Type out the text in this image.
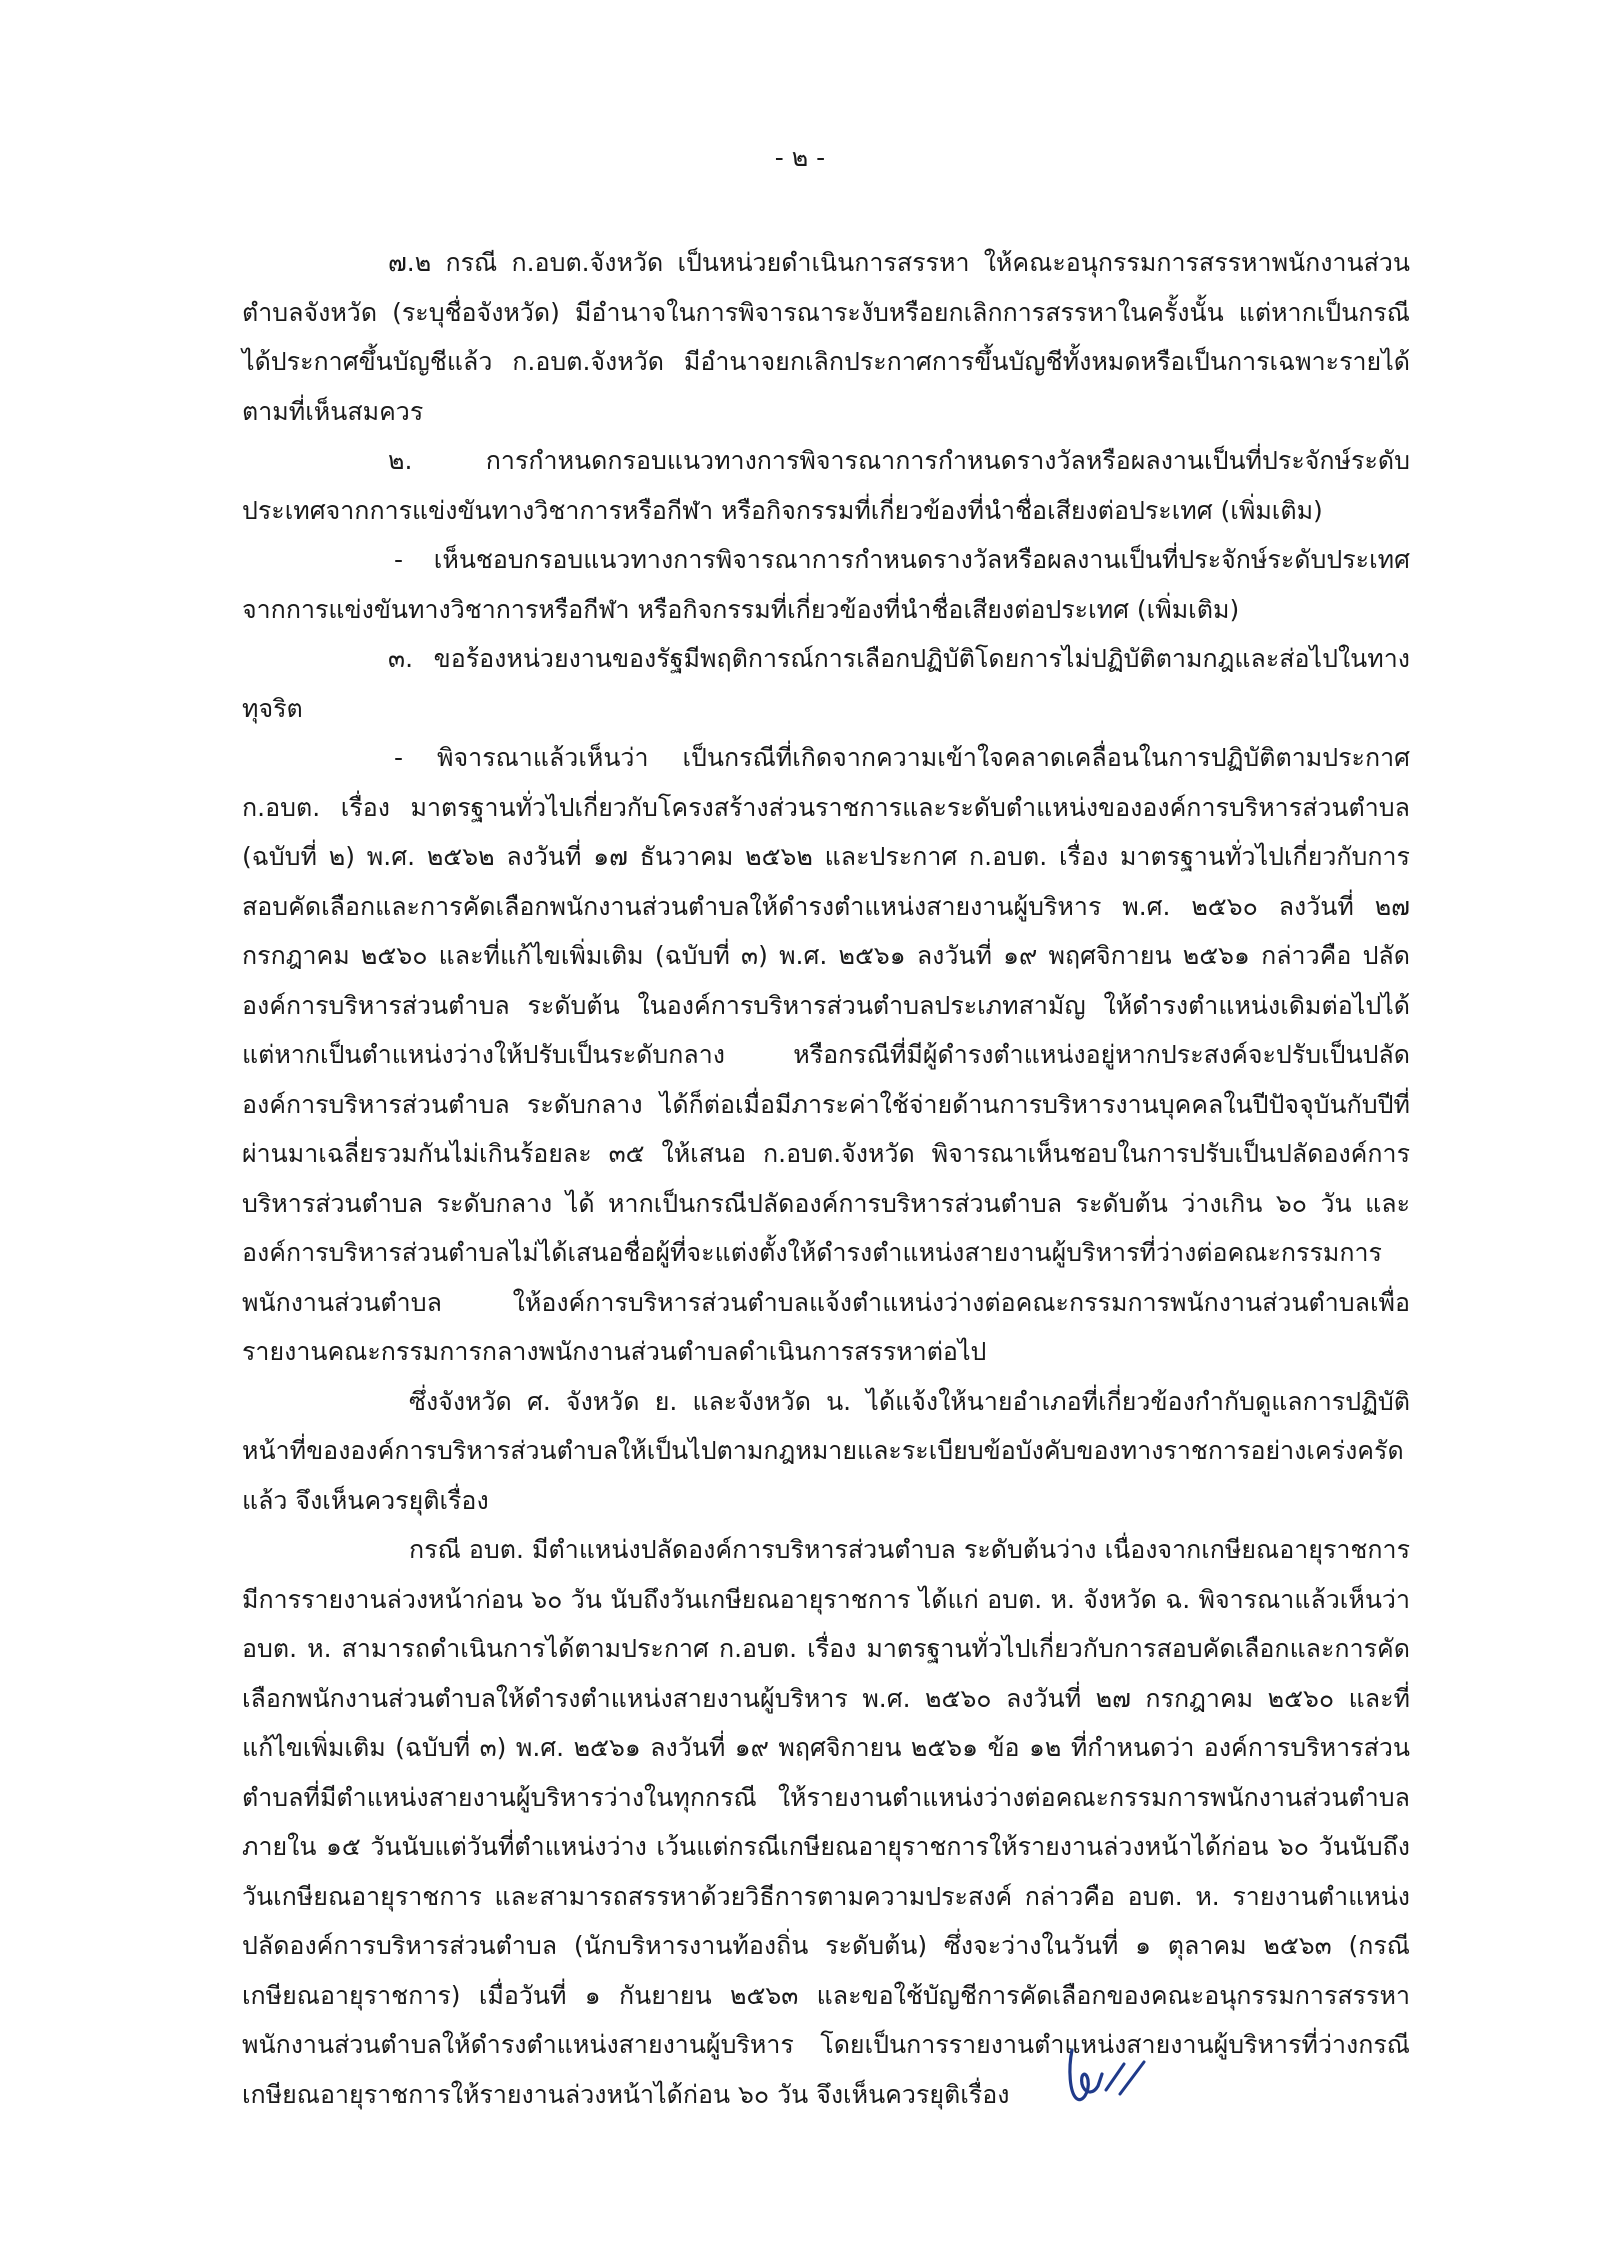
- ๒ -

๗.๒ กรณี ก.อบต.จังหวัด เป็นหน่วยดำเนินการสรรหา ให้คณะอนุกรรมการสรรหาพนักงานส่วนตำบลจังหวัด (ระบุชื่อจังหวัด) มีอำนาจในการพิจารณาระงับหรือยกเลิกการสรรหาในครั้งนั้น แต่หากเป็นกรณีได้ประกาศขึ้นบัญชีแล้ว ก.อบต.จังหวัด มีอำนาจยกเลิกประกาศการขึ้นบัญชีทั้งหมดหรือเป็นการเฉพาะรายได้ตามที่เห็นสมควร

๒. การกำหนดกรอบแนวทางการพิจารณาการกำหนดรางวัลหรือผลงานเป็นที่ประจักษ์ระดับประเทศจากการแข่งขันทางวิชาการหรือกีฬา หรือกิจกรรมที่เกี่ยวข้องที่นำชื่อเสียงต่อประเทศ (เพิ่มเติม)

- เห็นชอบกรอบแนวทางการพิจารณาการกำหนดรางวัลหรือผลงานเป็นที่ประจักษ์ระดับประเทศจากการแข่งขันทางวิชาการหรือกีฬา หรือกิจกรรมที่เกี่ยวข้องที่นำชื่อเสียงต่อประเทศ (เพิ่มเติม)

๓. ขอร้องหน่วยงานของรัฐมีพฤติการณ์การเลือกปฏิบัติโดยการไม่ปฏิบัติตามกฎและส่อไปในทางทุจริต

- พิจารณาแล้วเห็นว่า เป็นกรณีที่เกิดจากความเข้าใจคลาดเคลื่อนในการปฏิบัติตามประกาศ ก.อบต. เรื่อง มาตรฐานทั่วไปเกี่ยวกับโครงสร้างส่วนราชการและระดับตำแหน่งขององค์การบริหารส่วนตำบล (ฉบับที่ ๒) พ.ศ. ๒๕๖๒ ลงวันที่ ๑๗ ธันวาคม ๒๕๖๒ และประกาศ ก.อบต. เรื่อง มาตรฐานทั่วไปเกี่ยวกับการสอบคัดเลือกและการคัดเลือกพนักงานส่วนตำบลให้ดำรงตำแหน่งสายงานผู้บริหาร พ.ศ. ๒๕๖๐ ลงวันที่ ๒๗ กรกฎาคม ๒๕๖๐ และที่แก้ไขเพิ่มเติม (ฉบับที่ ๓) พ.ศ. ๒๕๖๑ ลงวันที่ ๑๙ พฤศจิกายน ๒๕๖๑ กล่าวคือ ปลัดองค์การบริหารส่วนตำบล ระดับต้น ในองค์การบริหารส่วนตำบลประเภทสามัญ ให้ดำรงตำแหน่งเดิมต่อไปได้ แต่หากเป็นตำแหน่งว่างให้ปรับเป็นระดับกลาง หรือกรณีที่มีผู้ดำรงตำแหน่งอยู่หากประสงค์จะปรับเป็นปลัดองค์การบริหารส่วนตำบล ระดับกลาง ได้ก็ต่อเมื่อมีภาระค่าใช้จ่ายด้านการบริหารงานบุคคลในปีปัจจุบันกับปีที่ผ่านมาเฉลี่ยรวมกันไม่เกินร้อยละ ๓๕ ให้เสนอ ก.อบต.จังหวัด พิจารณาเห็นชอบในการปรับเป็นปลัดองค์การบริหารส่วนตำบล ระดับกลาง ได้ หากเป็นกรณีปลัดองค์การบริหารส่วนตำบล ระดับต้น ว่างเกิน ๖๐ วัน และองค์การบริหารส่วนตำบลไม่ได้เสนอชื่อผู้ที่จะแต่งตั้งให้ดำรงตำแหน่งสายงานผู้บริหารที่ว่างต่อคณะกรรมการพนักงานส่วนตำบล ให้องค์การบริหารส่วนตำบลแจ้งตำแหน่งว่างต่อคณะกรรมการพนักงานส่วนตำบลเพื่อรายงานคณะกรรมการกลางพนักงานส่วนตำบลดำเนินการสรรหาต่อไป

ซึ่งจังหวัด ศ. จังหวัด ย. และจังหวัด น. ได้แจ้งให้นายอำเภอที่เกี่ยวข้องกำกับดูแลการปฏิบัติหน้าที่ขององค์การบริหารส่วนตำบลให้เป็นไปตามกฎหมายและระเบียบข้อบังคับของทางราชการอย่างเคร่งครัดแล้ว จึงเห็นควรยุติเรื่อง

กรณี อบต. มีตำแหน่งปลัดองค์การบริหารส่วนตำบล ระดับต้นว่าง เนื่องจากเกษียณอายุราชการมีการรายงานล่วงหน้าก่อน ๖๐ วัน นับถึงวันเกษียณอายุราชการ ได้แก่ อบต. ห. จังหวัด ฉ. พิจารณาแล้วเห็นว่า อบต. ห. สามารถดำเนินการได้ตามประกาศ ก.อบต. เรื่อง มาตรฐานทั่วไปเกี่ยวกับการสอบคัดเลือกและการคัดเลือกพนักงานส่วนตำบลให้ดำรงตำแหน่งสายงานผู้บริหาร พ.ศ. ๒๕๖๐ ลงวันที่ ๒๗ กรกฎาคม ๒๕๖๐ และที่แก้ไขเพิ่มเติม (ฉบับที่ ๓) พ.ศ. ๒๕๖๑ ลงวันที่ ๑๙ พฤศจิกายน ๒๕๖๑ ข้อ ๑๒ ที่กำหนดว่า องค์การบริหารส่วนตำบลที่มีตำแหน่งสายงานผู้บริหารว่างในทุกกรณี ให้รายงานตำแหน่งว่างต่อคณะกรรมการพนักงานส่วนตำบล ภายใน ๑๕ วันนับแต่วันที่ตำแหน่งว่าง เว้นแต่กรณีเกษียณอายุราชการให้รายงานล่วงหน้าได้ก่อน ๖๐ วันนับถึงวันเกษียณอายุราชการ และสามารถสรรหาด้วยวิธีการตามความประสงค์ กล่าวคือ อบต. ห. รายงานตำแหน่งปลัดองค์การบริหารส่วนตำบล (นักบริหารงานท้องถิ่น ระดับต้น) ซึ่งจะว่างในวันที่ ๑ ตุลาคม ๒๕๖๓ (กรณีเกษียณอายุราชการ) เมื่อวันที่ ๑ กันยายน ๒๕๖๓ และขอใช้บัญชีการคัดเลือกของคณะอนุกรรมการสรรหาพนักงานส่วนตำบลให้ดำรงตำแหน่งสายงานผู้บริหาร โดยเป็นการรายงานตำแหน่งสายงานผู้บริหารที่ว่างกรณีเกษียณอายุราชการให้รายงานล่วงหน้าได้ก่อน ๖๐ วัน จึงเห็นควรยุติเรื่อง
